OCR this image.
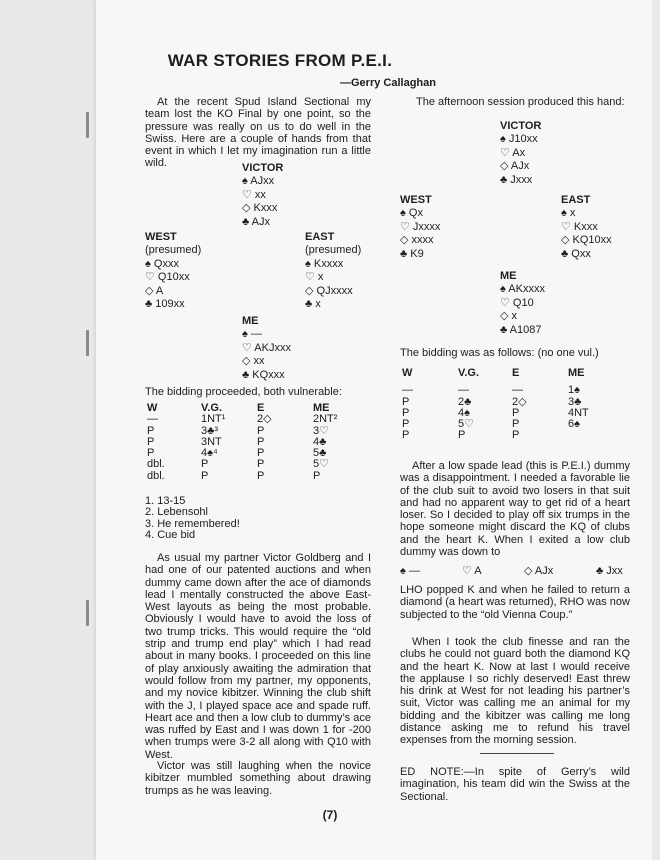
WAR STORIES FROM P.E.I.
—Gerry Callaghan
At the recent Spud Island Sectional my team lost the KO Final by one point, so the pressure was really on us to do well in the Swiss. Here are a couple of hands from that event in which I let my imagination run a little wild.	VICTOR
♠ AJxx
♡ xx
◇ Kxxx
♣ AJx
WEST
(presumed)
♠ Qxxx
♡ Q10xx
◇ A
♣ 109xx
EAST
(presumed)
♠ Kxxxx
♡ x
◇ QJxxxx
♣ x
ME
♠ —
♡ AKJxxx
◇ xx
♣ KQxxx
The bidding proceeded, both vulnerable:
W	V.G.	E	ME
—	1NT¹	2◇	2NT²
P	3♣³	P	3♡
P	3NT	P	4♣
P	4♠⁴	P	5♣
dbl.	P	P	5♡
dbl.	P	P	P
1. 13-15
2. Lebensohl
3. He remembered!
4. Cue bid
As usual my partner Victor Goldberg and I had one of our patented auctions and when dummy came down after the ace of diamonds lead I mentally constructed the above East-West layouts as being the most probable. Obviously I would have to avoid the loss of two trump tricks. This would require the “old strip and trump end play” which I had read about in many books. I proceeded on this line of play anxiously awaiting the admiration that would follow from my partner, my opponents, and my novice kibitzer. Winning the club shift with the J, I played space ace and spade ruff. Heart ace and then a low club to dummy’s ace was ruffed by East and I was down 1 for -200 when trumps were 3-2 all along with Q10 with West.
Victor was still laughing when the novice kibitzer mumbled something about drawing trumps as he was leaving.
The afternoon session produced this hand:
VICTOR
♠ J10xx
♡ Ax
◇ AJx
♣ Jxxx
WEST
♠ Qx
♡ Jxxxx
◇ xxxx
♣ K9
EAST
♠ x
♡ Kxxx
◇ KQ10xx
♣ Qxx
ME
♠ AKxxxx
♡ Q10
◇ x
♣ A1087
The bidding was as follows: (no one vul.)
W	V.G.	E	ME
—	—	—	1♠
P	2♣	2◇	3♣
P	4♠	P	4NT
P	5♡	P	6♠
P	P	P
After a low spade lead (this is P.E.I.) dummy was a disappointment. I needed a favorable lie of the club suit to avoid two losers in that suit and had no apparent way to get rid of a heart loser. So I decided to play off six trumps in the hope someone might discard the KQ of clubs and the heart K. When I exited a low club dummy was down to
♠ —	♡ A	◇ AJx	♣ Jxx
LHO popped K and when he failed to return a diamond (a heart was returned), RHO was now subjected to the “old Vienna Coup.”
When I took the club finesse and ran the clubs he could not guard both the diamond KQ and the heart K. Now at last I would receive the applause I so richly deserved! East threw his drink at West for not leading his partner’s suit, Victor was calling me an animal for my bidding and the kibitzer was calling me long distance asking me to refund his travel expenses from the morning session.
ED NOTE:—In spite of Gerry’s wild imagination, his team did win the Swiss at the Sectional.
(7)
